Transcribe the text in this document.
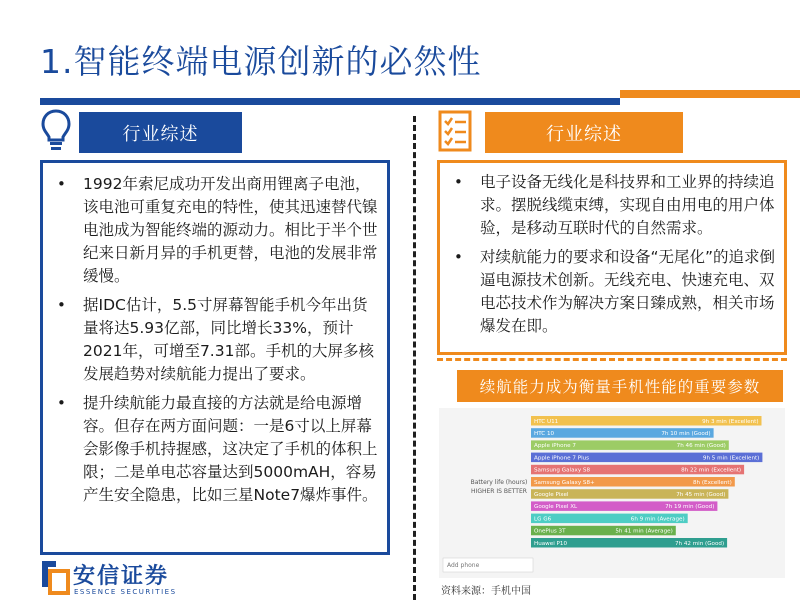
1.智能终端电源创新的必然性
行业综述	行业综述
• 1992年索尼成功开发出商用锂离子电池，该电池可重复充电的特性，使其迅速替代镍电池成为智能终端的源动力。相比于半个世纪来日新月异的手机更替，电池的发展非常缓慢。
• 据IDC估计，5.5寸屏幕智能手机今年出货量将达5.93亿部，同比增长33%，预计2021年，可增至7.31部。手机的大屏多核发展趋势对续航能力提出了要求。
• 提升续航能力最直接的方法就是给电源增容。但存在两方面问题：一是6寸以上屏幕会影像手机持握感，这决定了手机的体积上限；二是单电芯容量达到5000mAH，容易产生安全隐患，比如三星Note7爆炸事件。
• 电子设备无线化是科技界和工业界的持续追求。摆脱线缆束缚，实现自由用电的用户体验，是移动互联时代的自然需求。
• 对续航能力的要求和设备“无尾化”的追求倒逼电源技术创新。无线充电、快速充电、双电芯技术作为解决方案日臻成熟，相关市场爆发在即。
续航能力成为衡量手机性能的重要参数
Battery life (hours)
HIGHER IS BETTER
HTC U11	9h 3 min (Excellent)
HTC 10	7h 10 min (Good)
Apple iPhone 7	7h 46 min (Good)
Apple iPhone 7 Plus	9h 5 min (Excellent)
Samsung Galaxy S8	8h 22 min (Excellent)
Samsung Galaxy S8+	8h (Excellent)
Google Pixel	7h 45 min (Good)
Google Pixel XL	7h 19 min (Good)
LG G6	6h 9 min (Average)
OnePlus 3T	5h 41 min (Average)
Huawei P10	7h 42 min (Good)
Add phone
资料来源：手机中国
安信证券
ESSENCE SECURITIES
